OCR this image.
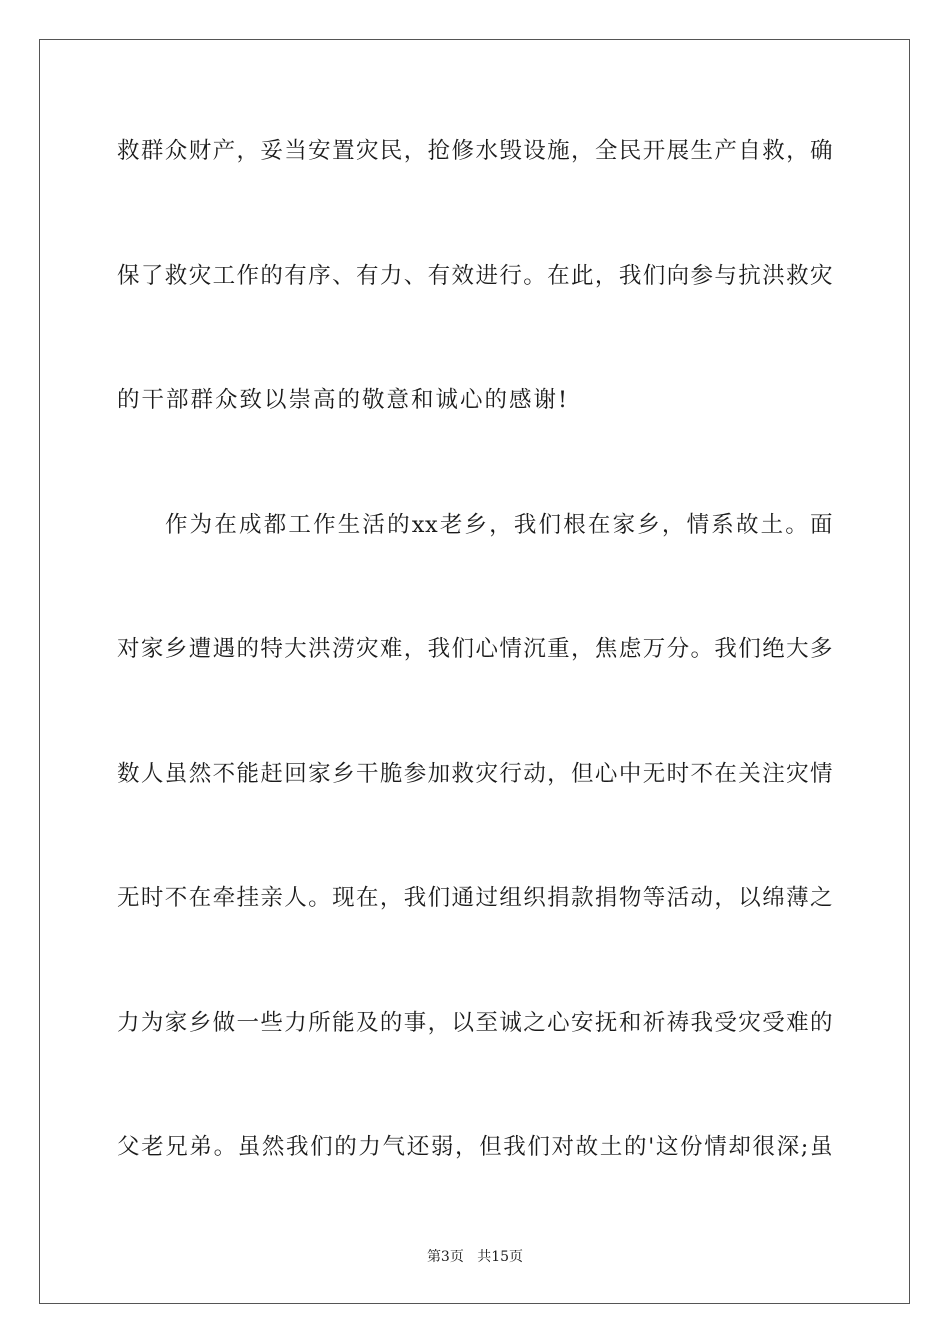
救群众财产，妥当安置灾民，抢修水毁设施，全民开展生产自救，确
保了救灾工作的有序、有力、有效进行。在此，我们向参与抗洪救灾
的干部群众致以崇高的敬意和诚心的感谢!
作为在成都工作生活的xx老乡，我们根在家乡，情系故土。面
对家乡遭遇的特大洪涝灾难，我们心情沉重，焦虑万分。我们绝大多
数人虽然不能赶回家乡干脆参加救灾行动，但心中无时不在关注灾情
无时不在牵挂亲人。现在，我们通过组织捐款捐物等活动，以绵薄之
力为家乡做一些力所能及的事，以至诚之心安抚和祈祷我受灾受难的
父老兄弟。虽然我们的力气还弱，但我们对故土的'这份情却很深;虽
第3页 共15页
